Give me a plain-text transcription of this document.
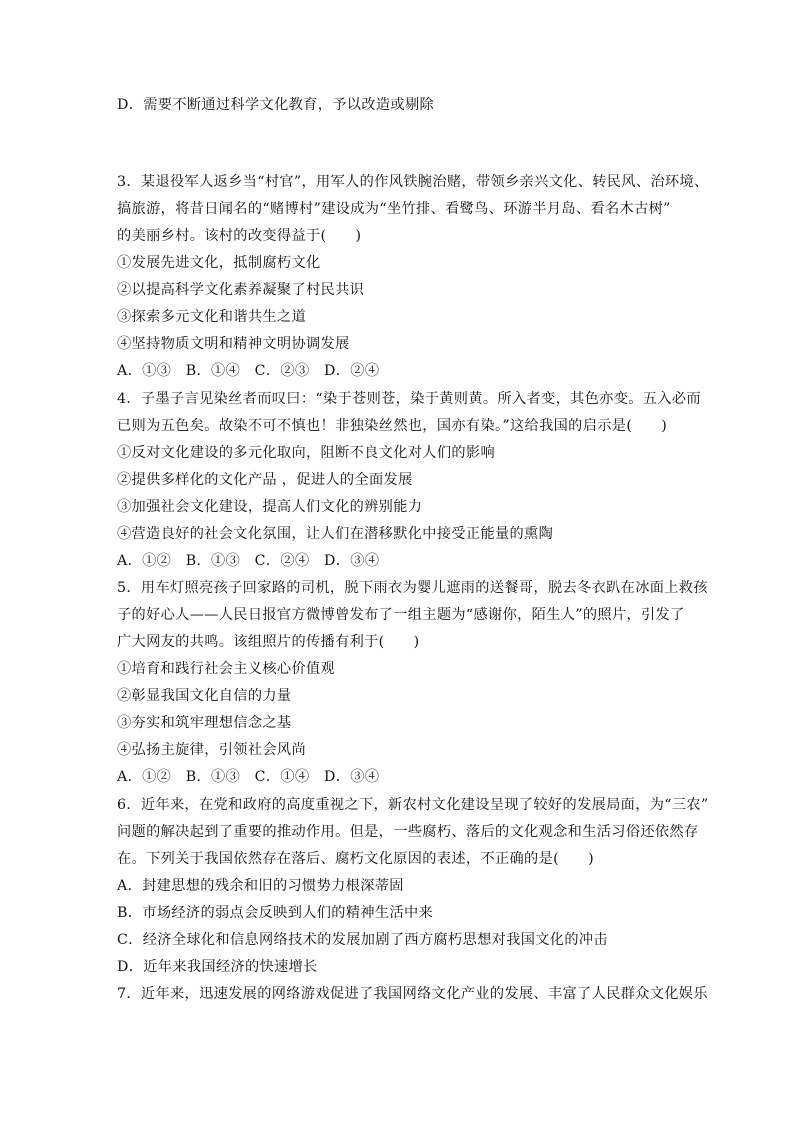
D．需要不断通过科学文化教育，予以改造或剔除
3．某退役军人返乡当“村官”，用军人的作风铁腕治赌，带领乡亲兴文化、转民风、治环境、
搞旅游，将昔日闻名的“赌博村”建设成为“坐竹排、看鹭鸟、环游半月岛、看名木古树”
的美丽乡村。该村的改变得益于(　　)
①发展先进文化，抵制腐朽文化
②以提高科学文化素养凝聚了村民共识
③探索多元文化和谐共生之道
④坚持物质文明和精神文明协调发展
A．①③　B．①④　C．②③　D．②④
4．子墨子言见染丝者而叹曰：“染于苍则苍，染于黄则黄。所入者变，其色亦变。五入必而
已则为五色矣。故染不可不慎也！非独染丝然也，国亦有染。”这给我国的启示是(　　)
①反对文化建设的多元化取向，阻断不良文化对人们的影响
②提供多样化的文化产品 ，促进人的全面发展
③加强社会文化建设，提高人们文化的辨别能力
④营造良好的社会文化氛围，让人们在潜移默化中接受正能量的熏陶
A．①②　B．①③　C．②④　D．③④
5．用车灯照亮孩子回家路的司机，脱下雨衣为婴儿遮雨的送餐哥，脱去冬衣趴在冰面上救孩
子的好心人——人民日报官方微博曾发布了一组主题为“感谢你，陌生人”的照片，引发了
广大网友的共鸣。该组照片的传播有利于(　　)
①培育和践行社会主义核心价值观
②彰显我国文化自信的力量
③夯实和筑牢理想信念之基
④弘扬主旋律，引领社会风尚
A．①②　B．①③　C．①④　D．③④
6．近年来，在党和政府的高度重视之下，新农村文化建设呈现了较好的发展局面，为“三农”
问题的解决起到了重要的推动作用。但是，一些腐朽、落后的文化观念和生活习俗还依然存
在。下列关于我国依然存在落后、腐朽文化原因的表述，不正确的是(　　)
A．封建思想的残余和旧的习惯势力根深蒂固
B．市场经济的弱点会反映到人们的精神生活中来
C．经济全球化和信息网络技术的发展加剧了西方腐朽思想对我国文化的冲击
D．近年来我国经济的快速增长
7．近年来，迅速发展的网络游戏促进了我国网络文化产业的发展、丰富了人民群众文化娱乐
